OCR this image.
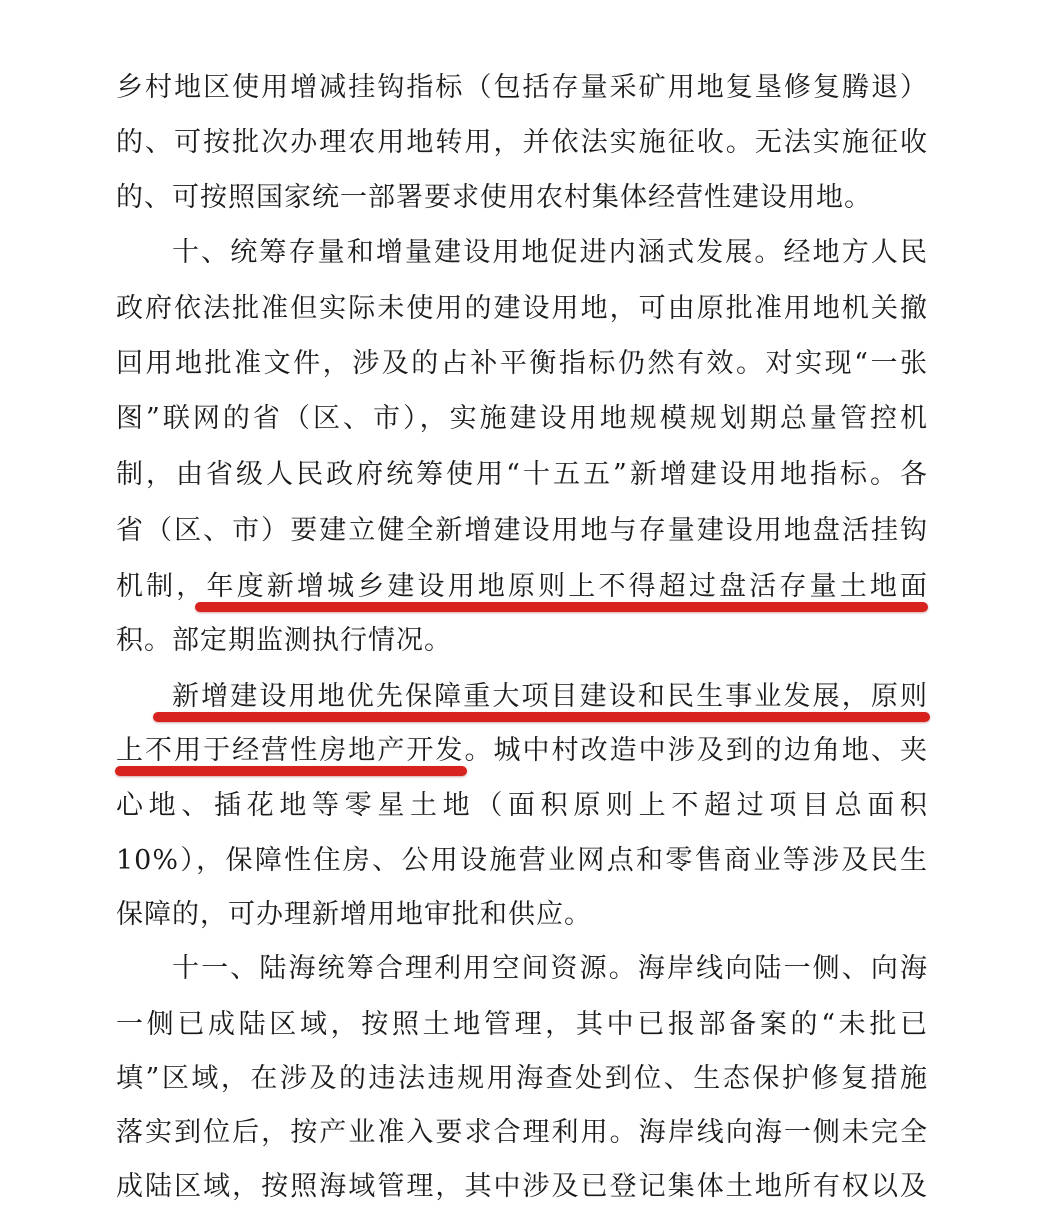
乡村地区使用增减挂钩指标（包括存量采矿用地复垦修复腾退）
的、可按批次办理农用地转用，并依法实施征收。无法实施征收
的、可按照国家统一部署要求使用农村集体经营性建设用地。
十、统筹存量和增量建设用地促进内涵式发展。经地方人民
政府依法批准但实际未使用的建设用地，可由原批准用地机关撤
回用地批准文件，涉及的占补平衡指标仍然有效。对实现“一张
图”联网的省（区、市），实施建设用地规模规划期总量管控机
制，由省级人民政府统筹使用“十五五”新增建设用地指标。各
省（区、市）要建立健全新增建设用地与存量建设用地盘活挂钩
机制，年度新增城乡建设用地原则上不得超过盘活存量土地面
积。部定期监测执行情况。
新增建设用地优先保障重大项目建设和民生事业发展，原则
上不用于经营性房地产开发。城中村改造中涉及到的边角地、夹
心地、插花地等零星土地（面积原则上不超过项目总面积
10%），保障性住房、公用设施营业网点和零售商业等涉及民生
保障的，可办理新增用地审批和供应。
十一、陆海统筹合理利用空间资源。海岸线向陆一侧、向海
一侧已成陆区域，按照土地管理，其中已报部备案的“未批已
填”区域，在涉及的违法违规用海查处到位、生态保护修复措施
落实到位后，按产业准入要求合理利用。海岸线向海一侧未完全
成陆区域，按照海域管理，其中涉及已登记集体土地所有权以及
